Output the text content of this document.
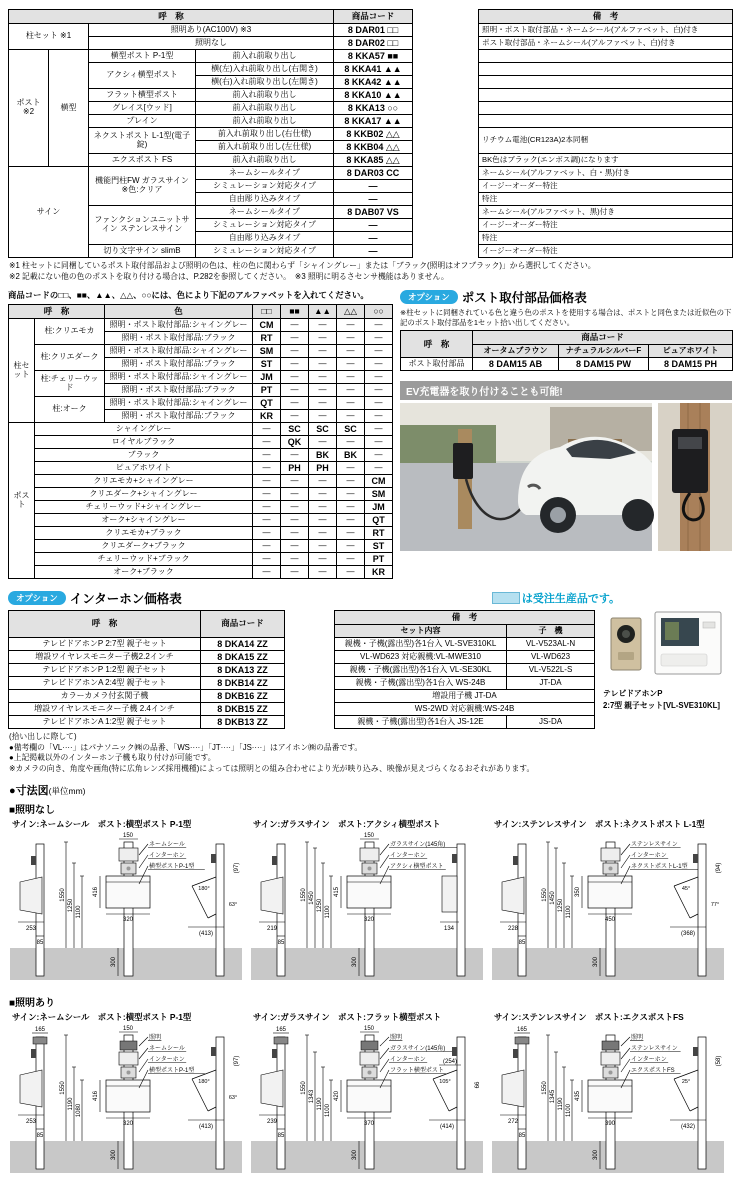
呼　称				商品コード		備　考
柱セット ※1		照明あり(AC100V) ※3		8 DAR01 □□		照明・ポスト取付部品・ネームシール(アルファベット、白)付き
		照明なし		8 DAR02 □□		ポスト取付部品・ネームシール(アルファベット、白)付き
ポスト ※2	横型	横型ポスト P-1型	前入れ前取り出し	8 KKA57 ■■		
		アクシィ横型ポスト	横(左)入れ前取り出し(右開き)	8 KKA41 ▲▲		
			横(右)入れ前取り出し(左開き)	8 KKA42 ▲▲		
		フラット横型ポスト	前入れ前取り出し	8 KKA10 ▲▲		
		グレイス[ウッド]	前入れ前取り出し	8 KKA13 ○○		
		プレイン	前入れ前取り出し	8 KKA17 ▲▲		
		ネクストポスト L-1型(電子錠)	前入れ前取り出し(右仕様)	8 KKB02 △△		リチウム電池(CR123A)2本同梱
			前入れ前取り出し(左仕様)	8 KKB04 △△		
		エクスポスト FS	前入れ前取り出し	8 KKA85 △△		BK色はブラック(エンボス調)になります
サイン		機能門柱FW ガラスサイン ※色:クリア	ネームシールタイプ	8 DAR03 CC		ネームシール(アルファベット、白・黒)付き
			シミュレーション対応タイプ	—		イージーオーダー特注
			自由彫り込みタイプ	—		特注
		ファンクションユニットサイン ステンレスサイン	ネームシールタイプ	8 DAB07 VS		ネームシール(アルファベット、黒)付き
			シミュレーション対応タイプ	—		イージーオーダー特注
			自由彫り込みタイプ	—		特注
		切り文字サイン slimB	シミュレーション対応タイプ	—		イージーオーダー特注
※1 柱セットに同梱しているポスト取付部品および照明の色は、柱の色に関わらず「シャイングレー」または「ブラック(照明はオフブラック)」から選択してください。
※2 記載にない他の色のポストを取り付ける場合は、P.282を参照してください。　※3 照明に明るさセンサ機能はありません。
商品コードの□□、■■、▲▲、△△、○○には、色により下記のアルファベットを入れてください。
呼　称		色	□□	■■	▲▲	△△	○○
柱セット	柱:クリエモカ	照明・ポスト取付部品:シャイングレー	CM	—	—	—	—
		照明・ポスト取付部品:ブラック	RT	—	—	—	—
	柱:クリエダーク	照明・ポスト取付部品:シャイングレー	SM	—	—	—	—
		照明・ポスト取付部品:ブラック	ST	—	—	—	—
	柱:チェリーウッド	照明・ポスト取付部品:シャイングレー	JM	—	—	—	—
		照明・ポスト取付部品:ブラック	PT	—	—	—	—
	柱:オーク	照明・ポスト取付部品:シャイングレー	QT	—	—	—	—
		照明・ポスト取付部品:ブラック	KR	—	—	—	—
ポスト	シャイングレー		—	SC	SC	SC	—
	ロイヤルブラック		—	QK	—	—	—
	ブラック		—	—	BK	BK	—
	ピュアホワイト		—	PH	PH	—	—
	クリエモカ+シャイングレー		—	—	—	—	CM
	クリエダーク+シャイングレー		—	—	—	—	SM
	チェリーウッド+シャイングレー		—	—	—	—	JM
	オーク+シャイングレー		—	—	—	—	QT
	クリエモカ+ブラック		—	—	—	—	RT
	クリエダーク+ブラック		—	—	—	—	ST
	チェリーウッド+ブラック		—	—	—	—	PT
	オーク+ブラック		—	—	—	—	KR
オプション ポスト取付部品価格表
※柱セットに同梱されている色と違う色のポストを使用する場合は、ポストと同色または近似色の下記のポスト取付部品を1セット拾い出してください。
呼　称	商品コード		
	オータムブラウン	ナチュラルシルバーF	ピュアホワイト
ポスト取付部品	8 DAM15 AB	8 DAM15 PW	8 DAM15 PH
EV充電器を取り付けることも可能!
オプション インターホン価格表	は受注生産品です。
呼　称	商品コード		備　考	
			セット内容	子　機
テレビドアホンP 2:7型 親子セット	8 DKA14 ZZ		親機・子機(露出型)各1台入 VL-SVE310KL	VL-V523AL-N
増設ワイヤレスモニター子機2.2インチ	8 DKA15 ZZ		VL-WD623 対応親機:VL-MWE310	VL-WD623
テレビドアホンP 1:2型 親子セット	8 DKA13 ZZ		親機・子機(露出型)各1台入 VL-SE30KL	VL-V522L-S
テレビドアホンA 2:4型 親子セット	8 DKB14 ZZ		親機・子機(露出型)各1台入 WS-24B	JT-DA
カラーカメラ付玄関子機	8 DKB16 ZZ		増設用子機 JT-DA	
増設ワイヤレスモニター子機 2.4インチ	8 DKB15 ZZ		WS-2WD 対応親機:WS-24B	
テレビドアホンA 1:2型 親子セット	8 DKB13 ZZ		親機・子機(露出型)各1台入 JS-12E	JS-DA
テレビドアホンP
2:7型 親子セット[VL-SVE310KL]
(拾い出しに際して)
●備考欄の「VL····」はパナソニック㈱の品番、「WS····」「JT····」「JS····」はアイホン㈱の品番です。
●上記掲載以外のインターホン子機も取り付けが可能です。
※カメラの向き、角度や画角(特に広角レンズ採用機種)によっては照明との組み合わせにより光が映り込み、映像が見えづらくなるおそれがあります。
●寸法図(単位mm)
■照明なし
サイン:ネームシール　ポスト:横型ポスト P-1型
253
85
150
416
320
1550
1250 1100
300
ネームシール
インターホン
横型ポストP-1型
(413)
180°
63°
(97)
サイン:ガラスサイン　ポスト:アクシィ横型ポスト
219
85
150
415
320
1550 1450
1250 1100
300
ガラスサイン(145角)
インターホン
アクシィ横型ポスト
134
サイン:ステンレスサイン　ポスト:ネクストポスト L-1型
228
85
350
450
1550 1450
1250 1100
300
ステンレスサイン
インターホン
ネクストポストL-1型
(368)
45°
77°
(94)
■照明あり
サイン:ネームシール　ポスト:横型ポスト P-1型
165
253
85
150
416
320
1550
1190 1080
300
照明
ネームシール
インターホン
横型ポストP-1型
(413)
180°
63°
(97)
サイン:ガラスサイン　ポスト:フラット横型ポスト
165
239
85
150
420
370
1550
1343
1190
1100
300
照明
ガラスサイン(145角)
インターホン
フラット横型ポスト
(414)
105°
(254)
66
サイン:ステンレスサイン　ポスト:エクスポストFS
165
272
85
435
390
1550
1345
1190
1100
300
照明
ステンレスサイン
インターホン
エクスポストFS
(432)
25°
(58)
